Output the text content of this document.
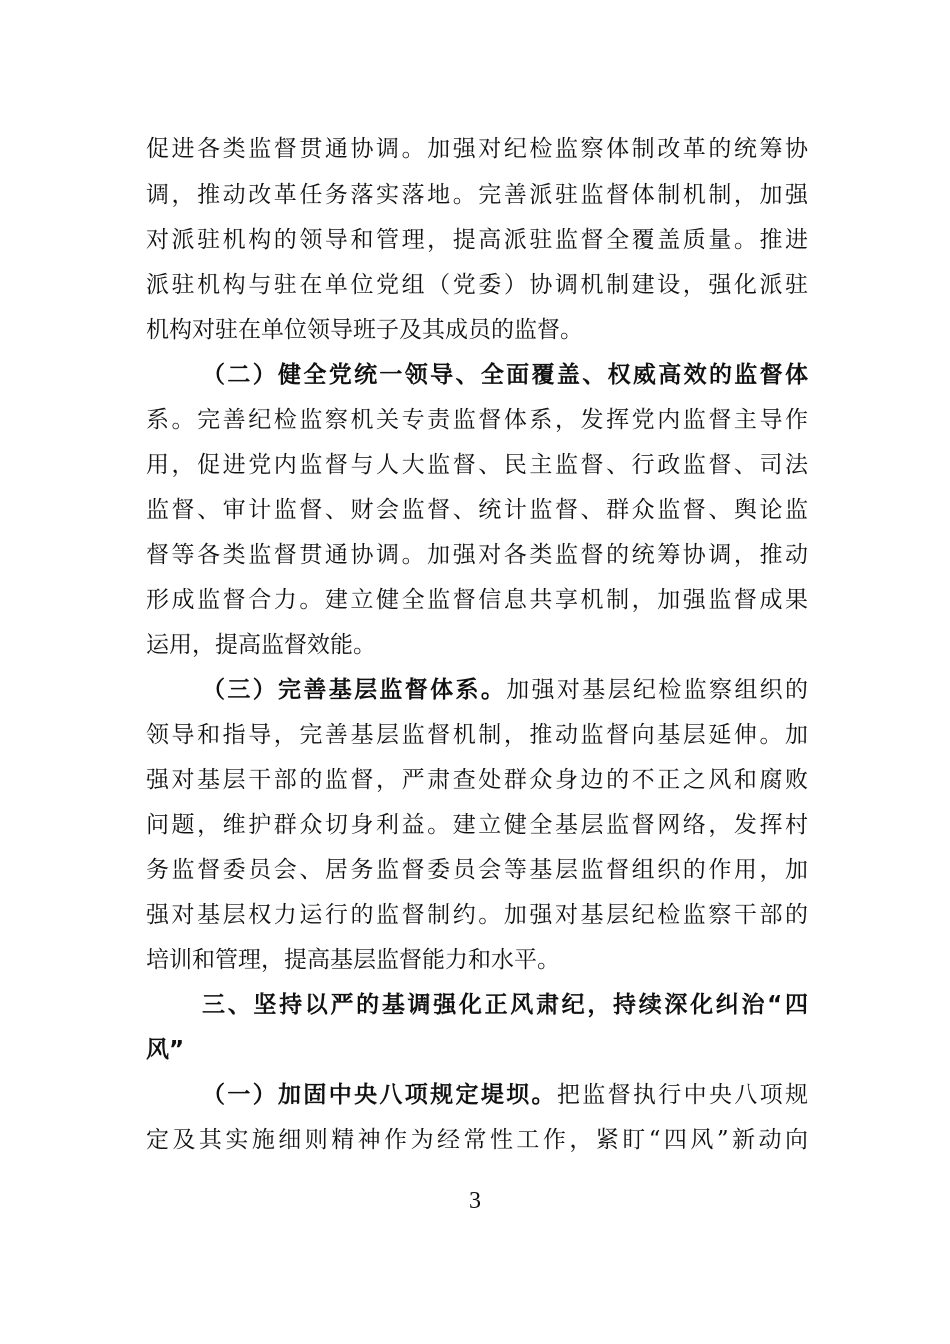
促进各类监督贯通协调。加强对纪检监察体制改革的统筹协
调，推动改革任务落实落地。完善派驻监督体制机制，加强
对派驻机构的领导和管理，提高派驻监督全覆盖质量。推进
派驻机构与驻在单位党组（党委）协调机制建设，强化派驻
机构对驻在单位领导班子及其成员的监督。
（二）健全党统一领导、全面覆盖、权威高效的监督体
系。完善纪检监察机关专责监督体系，发挥党内监督主导作
用，促进党内监督与人大监督、民主监督、行政监督、司法
监督、审计监督、财会监督、统计监督、群众监督、舆论监
督等各类监督贯通协调。加强对各类监督的统筹协调，推动
形成监督合力。建立健全监督信息共享机制，加强监督成果
运用，提高监督效能。
（三）完善基层监督体系。加强对基层纪检监察组织的
领导和指导，完善基层监督机制，推动监督向基层延伸。加
强对基层干部的监督，严肃查处群众身边的不正之风和腐败
问题，维护群众切身利益。建立健全基层监督网络，发挥村
务监督委员会、居务监督委员会等基层监督组织的作用，加
强对基层权力运行的监督制约。加强对基层纪检监察干部的
培训和管理，提高基层监督能力和水平。
三、坚持以严的基调强化正风肃纪，持续深化纠治“四
风”
（一）加固中央八项规定堤坝。把监督执行中央八项规
定及其实施细则精神作为经常性工作，紧盯“四风”新动向
3
